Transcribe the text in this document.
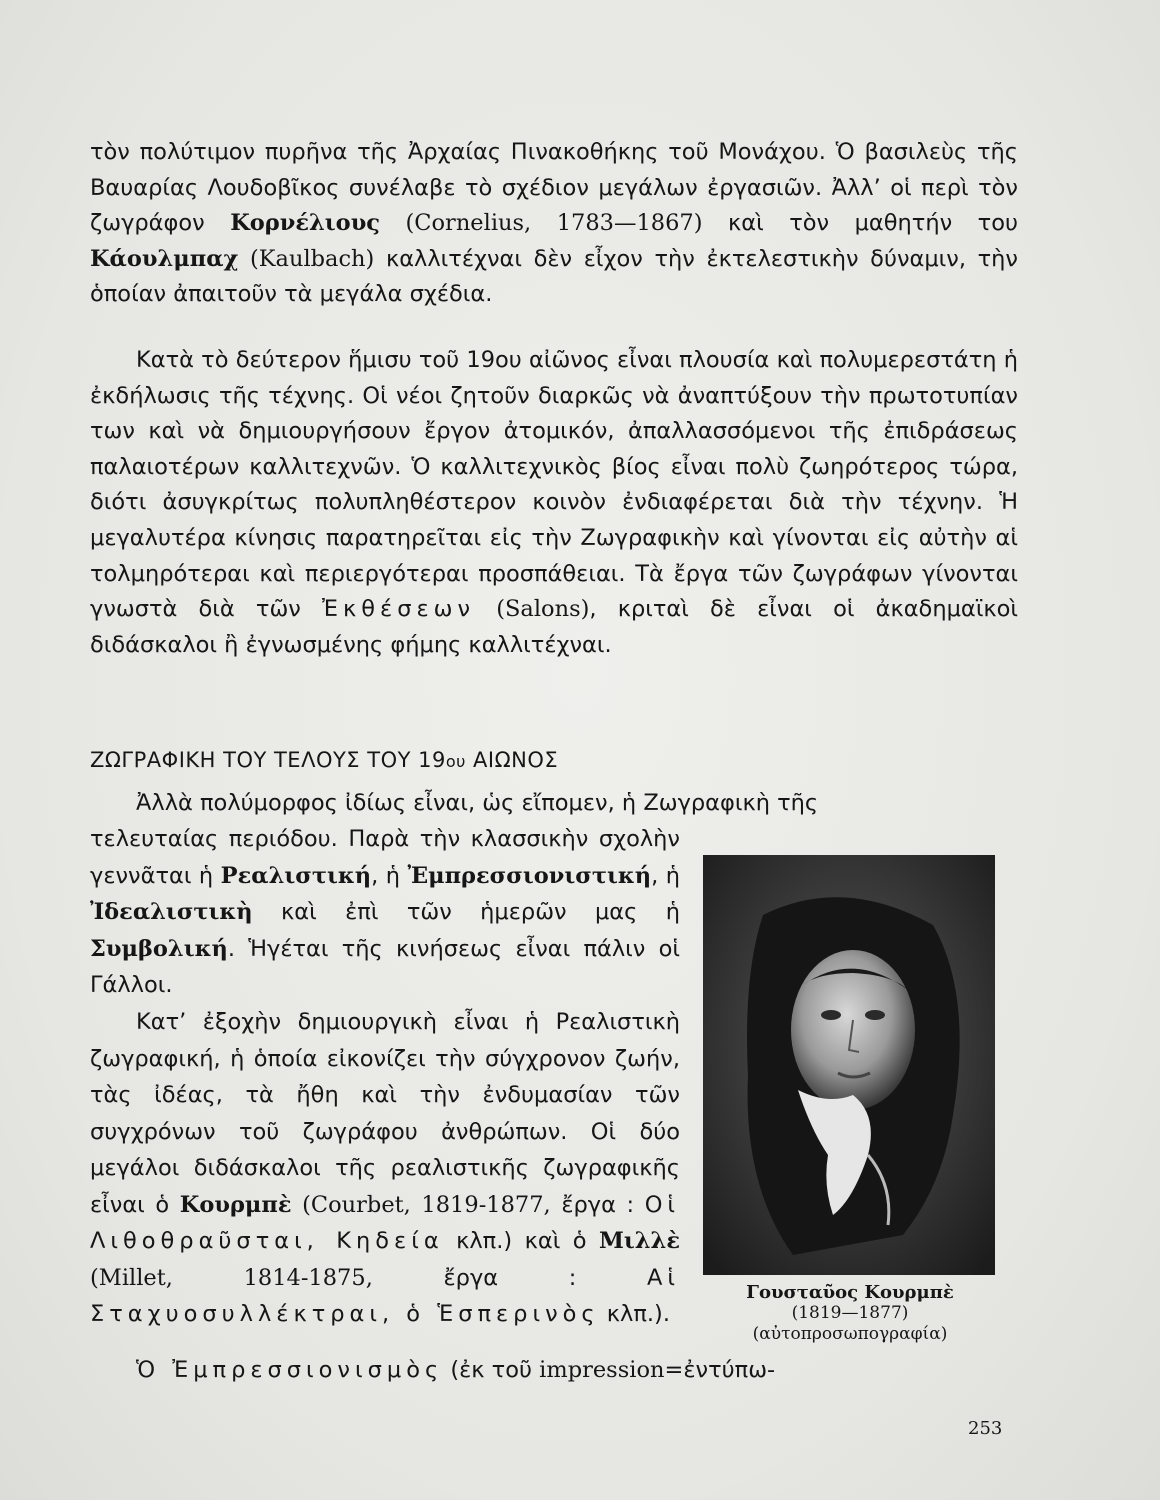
τὸν πολύτιμον πυρῆνα τῆς Ἀρχαίας Πινακοθήκης τοῦ Μονάχου. Ὁ βασιλεὺς τῆς Βαυαρίας Λουδοβῖκος συνέλαβε τὸ σχέδιον μεγάλων ἐργασιῶν. Ἀλλ’ οἱ περὶ τὸν ζωγράφον Κορνέλιους (Cornelius, 1783—1867) καὶ τὸν μαθητήν του Κάουλμπαχ (Kaulbach) καλλιτέχναι δὲν εἶχον τὴν ἐκτελεστικὴν δύναμιν, τὴν ὁποίαν ἀπαιτοῦν τὰ μεγάλα σχέδια.

Κατὰ τὸ δεύτερον ἥμισυ τοῦ 19ου αἰῶνος εἶναι πλουσία καὶ πολυμερεστάτη ἡ ἐκδήλωσις τῆς τέχνης. Οἱ νέοι ζητοῦν διαρκῶς νὰ ἀναπτύξουν τὴν πρωτοτυπίαν των καὶ νὰ δημιουργήσουν ἔργον ἀτομικόν, ἀπαλλασσόμενοι τῆς ἐπιδράσεως παλαιοτέρων καλλιτεχνῶν. Ὁ καλλιτεχνικὸς βίος εἶναι πολὺ ζωηρότερος τώρα, διότι ἀσυγκρίτως πολυπληθέστερον κοινὸν ἐνδιαφέρεται διὰ τὴν τέχνην. Ἡ μεγαλυτέρα κίνησις παρατηρεῖται εἰς τὴν Ζωγραφικὴν καὶ γίνονται εἰς αὐτὴν αἱ τολμηρότεραι καὶ περιεργότεραι προσπάθειαι. Τὰ ἔργα τῶν ζωγράφων γίνονται γνωστὰ διὰ τῶν Ἐκθέσεων (Salons), κριταὶ δὲ εἶναι οἱ ἀκαδημαϊκοὶ διδάσκαλοι ἢ ἐγνωσμένης φήμης καλλιτέχναι.

ΖΩΓΡΑΦΙΚΗ ΤΟΥ ΤΕΛΟΥΣ ΤΟΥ 19ου ΑΙΩΝΟΣ
Ἀλλὰ πολύμορφος ἰδίως εἶναι, ὡς εἴπομεν, ἡ Ζωγραφικὴ τῆς

τελευταίας περιόδου. Παρὰ τὴν κλασσικὴν σχολὴν γεννᾶται ἡ Ρεαλιστική, ἡ Ἐμπρεσσιονιστική, ἡ Ἰδεαλιστικὴ καὶ ἐπὶ τῶν ἡμερῶν μας ἡ Συμβολική. Ἡγέται τῆς κινήσεως εἶναι πάλιν οἱ Γάλλοι.

Κατ’ ἐξοχὴν δημιουργικὴ εἶναι ἡ Ρεαλιστικὴ ζωγραφική, ἡ ὁποία εἰκονίζει τὴν σύγχρονον ζωήν, τὰς ἰδέας, τὰ ἤθη καὶ τὴν ἐνδυμασίαν τῶν συγχρόνων τοῦ ζωγράφου ἀνθρώπων. Οἱ δύο μεγάλοι διδάσκαλοι τῆς ρεαλιστικῆς ζωγραφικῆς εἶναι ὁ Κουρμπὲ (Courbet, 1819-1877, ἔργα : Οἱ Λιθοθραῦσται, Κηδεία κλπ.) καὶ ὁ Μιλλὲ (Millet, 1814-1875, ἔργα : Αἱ Σταχυοσυλλέκτραι, ὁ Ἑσπερινὸς κλπ.).

Γουσταῦος Κουρμπὲ
(1819—1877)
(αὐτοπροσωπογραφία)
Ὁ Ἐμπρεσσιονισμὸς (ἐκ τοῦ impression=ἐντύπω-
253
